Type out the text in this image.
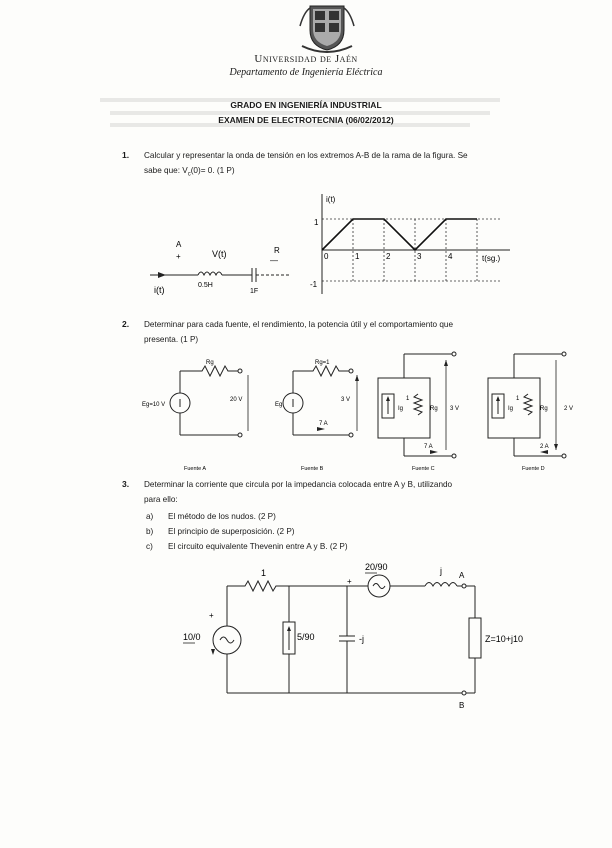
Universidad de Jaén
Departamento de Ingeniería Eléctrica
GRADO EN INGENIERÍA INDUSTRIAL
EXAMEN DE ELECTROTECNIA (06/02/2012)
1. Calcular y representar la onda de tensión en los extremos A-B de la rama de la figura. Se
sabe que: $V_c(0)= 0$. (1 P)
A
+	V(t)	R
—
i(t)	0.5H
1F
i(t)
t(sg.)
1
-1
0	1	2	3	4
2. Determinar para cada fuente, el rendimiento, la potencia útil y el comportamiento que
presenta. (1 P)
Rg
Eg=10 V
20 V
Fuente A
Rg=1
Eg
3 V
7 A
Fuente B
Ig
1
Rg 3 V
7 A
Fuente C
Ig
1
Rg	2 V
2 A
Fuente D
3. Determinar la corriente que circula por la impedancia colocada entre A y B, utilizando
para ello:
a) El método de los nudos. (2 P)
b) El principio de superposición. (2 P)
c) El circuito equivalente Thevenin entre A y B. (2 P)
1
10/0
+
5/90	-j
20/90
+
j A
Z=10+j10
B
